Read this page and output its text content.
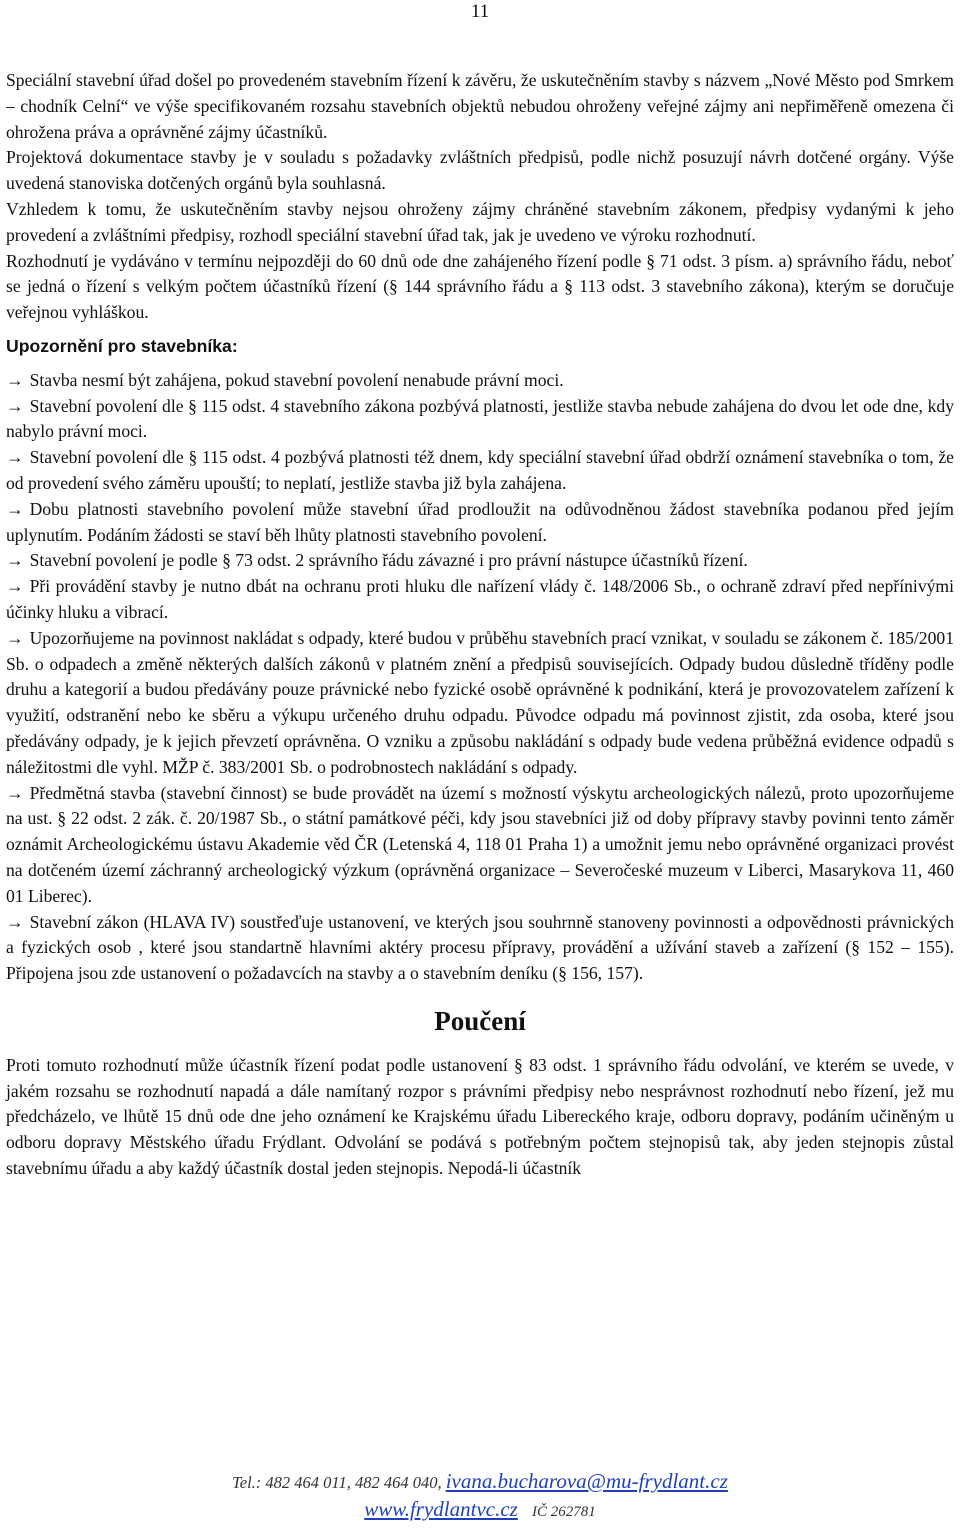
11

Speciální stavební úřad došel po provedeném stavebním řízení k závěru, že uskutečněním stavby s názvem „Nové Město pod Smrkem – chodník Celní“ ve výše specifikovaném rozsahu stavebních objektů nebudou ohroženy veřejné zájmy ani nepřiměřeně omezena či ohrožena práva a oprávněné zájmy účastníků.

Projektová dokumentace stavby je v souladu s požadavky zvláštních předpisů, podle nichž posuzují návrh dotčené orgány. Výše uvedená stanoviska dotčených orgánů byla souhlasná.

Vzhledem k tomu, že uskutečněním stavby nejsou ohroženy zájmy chráněné stavebním zákonem, předpisy vydanými k jeho provedení a zvláštními předpisy, rozhodl speciální stavební úřad tak, jak je uvedeno ve výroku rozhodnutí.

Rozhodnutí je vydáváno v termínu nejpozději do 60 dnů ode dne zahájeného řízení podle § 71 odst. 3 písm. a) správního řádu, neboť se jedná o řízení s velkým počtem účastníků řízení (§ 144 správního řádu a § 113 odst. 3 stavebního zákona), kterým se doručuje veřejnou vyhláškou.

Upozornění pro stavebníka:

→ Stavba nesmí být zahájena, pokud stavební povolení nenabude právní moci.

→ Stavební povolení dle § 115 odst. 4 stavebního zákona pozbývá platnosti, jestliže stavba nebude zahájena do dvou let ode dne, kdy nabylo právní moci.

→ Stavební povolení dle § 115 odst. 4 pozbývá platnosti též dnem, kdy speciální stavební úřad obdrží oznámení stavebníka o tom, že od provedení svého záměru upouští; to neplatí, jestliže stavba již byla zahájena.

→ Dobu platnosti stavebního povolení může stavební úřad prodloužit na odůvodněnou žádost stavebníka podanou před jejím uplynutím. Podáním žádosti se staví běh lhůty platnosti stavebního povolení.

→ Stavební povolení je podle § 73 odst. 2 správního řádu závazné i pro právní nástupce účastníků řízení.

→ Při provádění stavby je nutno dbát na ochranu proti hluku dle nařízení vlády č. 148/2006 Sb., o ochraně zdraví před nepřínivými účinky hluku a vibrací.

→ Upozorňujeme na povinnost nakládat s odpady, které budou v průběhu stavebních prací vznikat, v souladu se zákonem č. 185/2001 Sb. o odpadech a změně některých dalších zákonů v platném znění a předpisů souvisejících. Odpady budou důsledně tříděny podle druhu a kategorií a budou předávány pouze právnické nebo fyzické osobě oprávněné k podnikání, která je provozovatelem zařízení k využití, odstranění nebo ke sběru a výkupu určeného druhu odpadu. Původce odpadu má povinnost zjistit, zda osoba, které jsou předávány odpady, je k jejich převzetí oprávněna. O vzniku a způsobu nakládání s odpady bude vedena průběžná evidence odpadů s náležitostmi dle vyhl. MŽP č. 383/2001 Sb. o podrobnostech nakládání s odpady.

→ Předmětná stavba (stavební činnost) se bude provádět na území s možností výskytu archeologických nálezů, proto upozorňujeme na ust. § 22 odst. 2 zák. č. 20/1987 Sb., o státní památkové péči, kdy jsou stavebníci již od doby přípravy stavby povinni tento záměr oznámit Archeologickému ústavu Akademie věd ČR (Letenská 4, 118 01 Praha 1) a umožnit jemu nebo oprávněné organizaci provést na dotčeném území záchranný archeologický výzkum (oprávněná organizace – Severočeské muzeum v Liberci, Masarykova 11, 460 01 Liberec).

→ Stavební zákon (HLAVA IV) soustřeďuje ustanovení, ve kterých jsou souhrnně stanoveny povinnosti a odpovědnosti právnických a fyzických osob , které jsou standartně hlavními aktéry procesu přípravy, provádění a užívání staveb a zařízení (§ 152 – 155). Připojena jsou zde ustanovení o požadavcích na stavby a o stavebním deníku (§ 156, 157).

Poučení

Proti tomuto rozhodnutí může účastník řízení podat podle ustanovení § 83 odst. 1 správního řádu odvolání, ve kterém se uvede, v jakém rozsahu se rozhodnutí napadá a dále namítaný rozpor s právními předpisy nebo nesprávnost rozhodnutí nebo řízení, jež mu předcházelo, ve lhůtě 15 dnů ode dne jeho oznámení ke Krajskému úřadu Libereckého kraje, odboru dopravy, podáním učiněným u odboru dopravy Městského úřadu Frýdlant. Odvolání se podává s potřebným počtem stejnopisů tak, aby jeden stejnopis zůstal stavebnímu úřadu a aby každý účastník dostal jeden stejnopis. Nepodá-li účastník

Tel.: 482 464 011, 482 464 040, ivana.bucharova@mu-frydlant.cz
www.frydlantvc.cz IČ 262781
